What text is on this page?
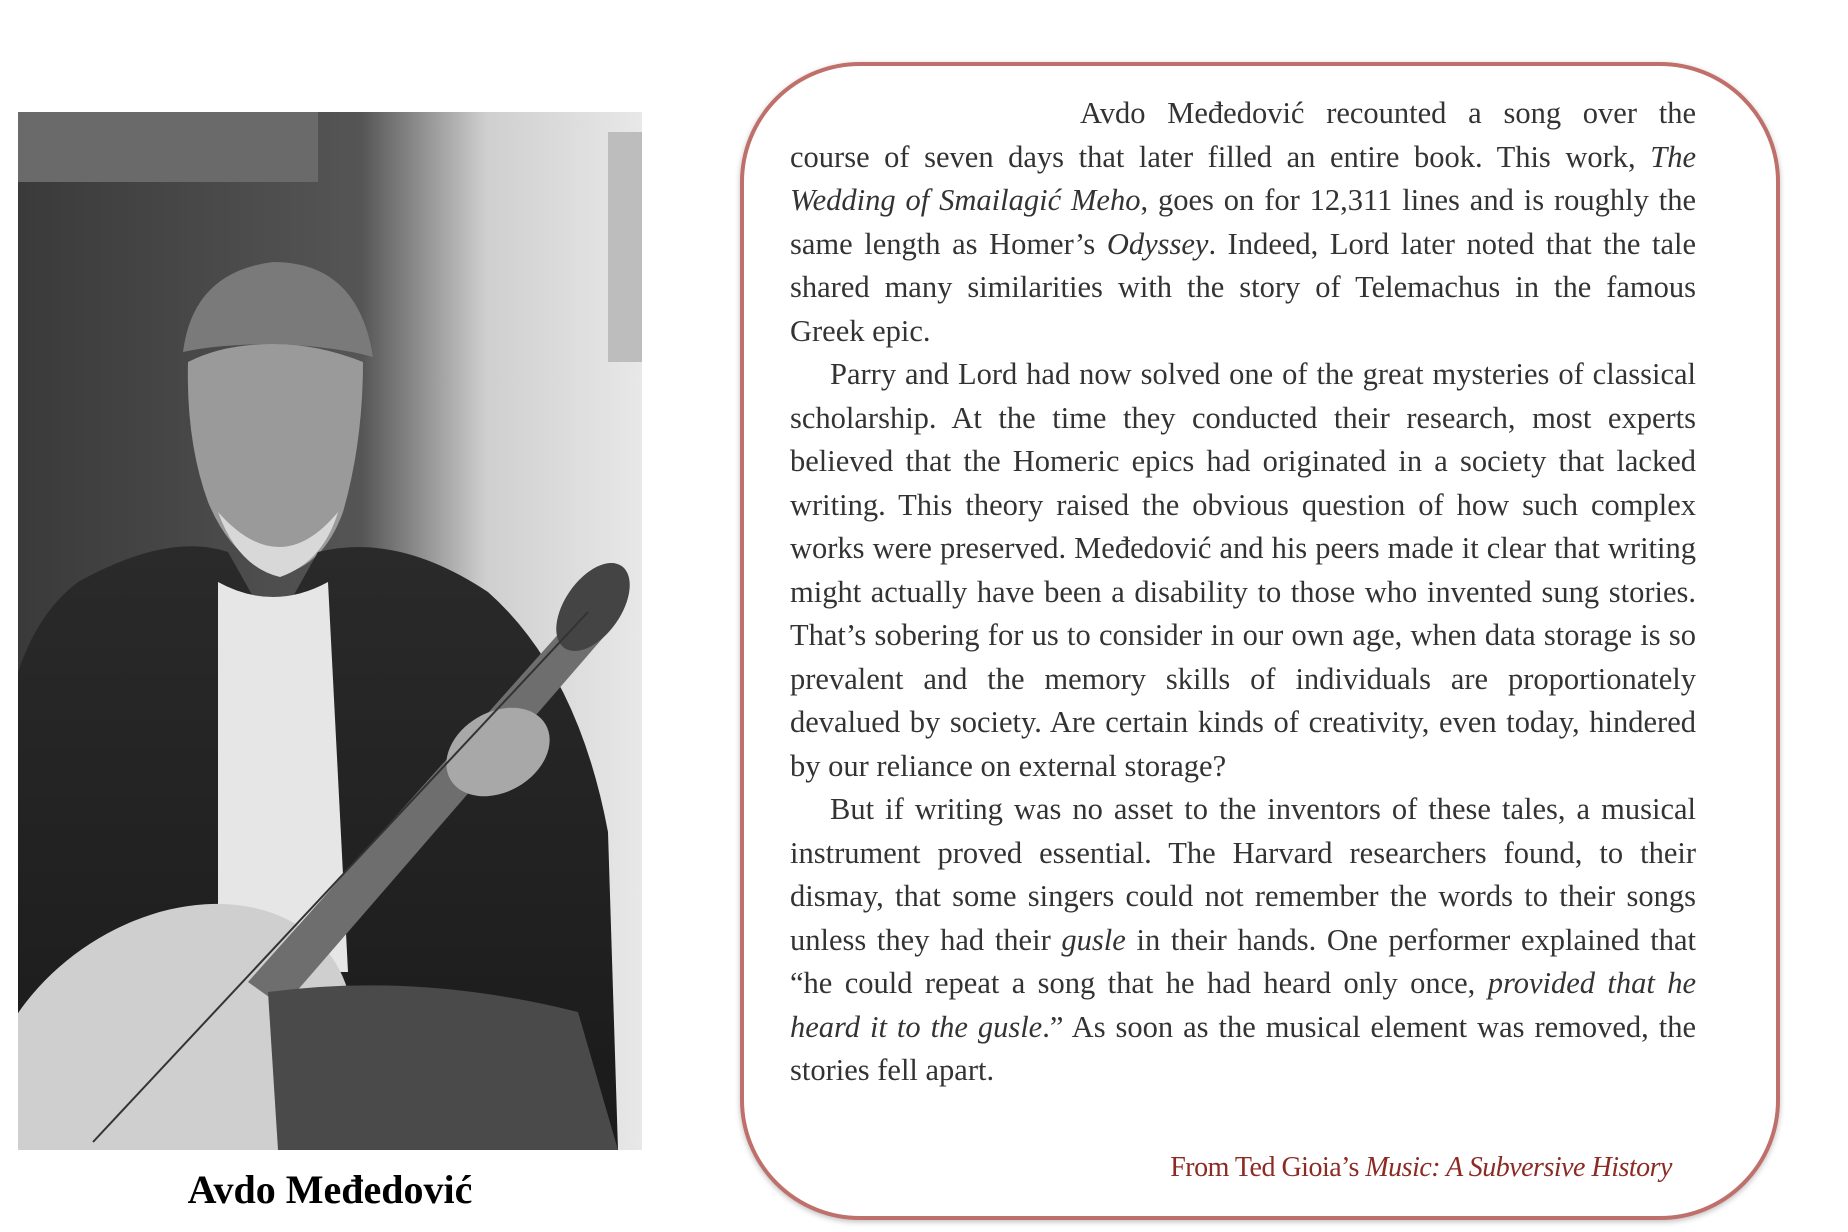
Avdo Međedović

Avdo Međedović recounted a song over the course of seven days that later filled an entire book. This work, The Wedding of Smailagić Meho, goes on for 12,311 lines and is roughly the same length as Homer’s Odyssey. Indeed, Lord later noted that the tale shared many similarities with the story of Telemachus in the famous Greek epic.

Parry and Lord had now solved one of the great mysteries of classical scholarship. At the time they conducted their research, most experts believed that the Homeric epics had originated in a society that lacked writing. This theory raised the obvious question of how such complex works were preserved. Međedović and his peers made it clear that writing might actually have been a disability to those who invented sung stories. That’s sobering for us to consider in our own age, when data storage is so prevalent and the memory skills of individuals are proportionately devalued by society. Are certain kinds of creativity, even today, hindered by our reliance on external storage?

But if writing was no asset to the inventors of these tales, a musical instrument proved essential. The Harvard researchers found, to their dismay, that some singers could not remember the words to their songs unless they had their gusle in their hands. One performer explained that “he could repeat a song that he had heard only once, provided that he heard it to the gusle.” As soon as the musical element was removed, the stories fell apart.

From Ted Gioia’s Music: A Subversive History
